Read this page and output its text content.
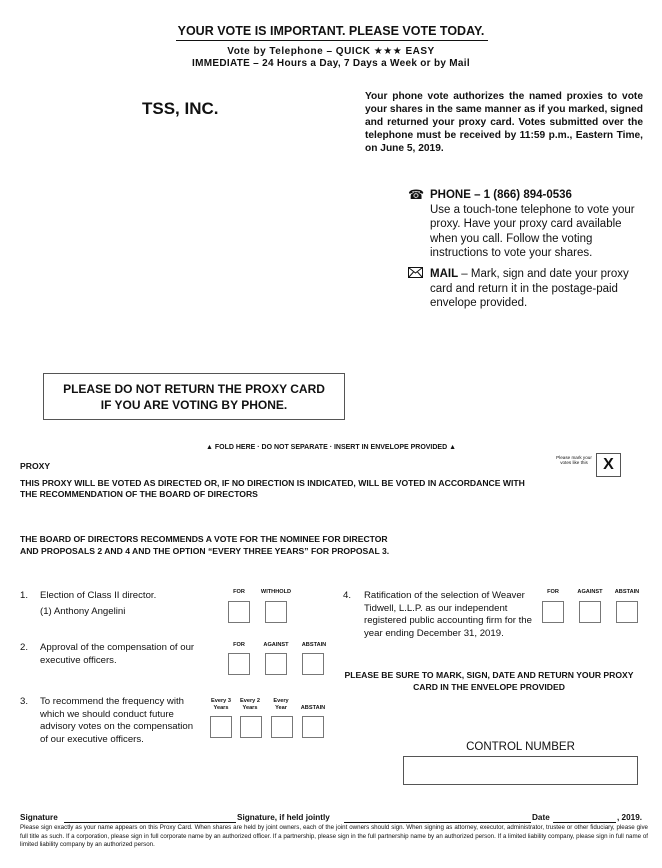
YOUR VOTE IS IMPORTANT. PLEASE VOTE TODAY.
Vote by Telephone – QUICK ★★★ EASY
IMMEDIATE – 24 Hours a Day, 7 Days a Week or by Mail
TSS, INC.
Your phone vote authorizes the named proxies to vote your shares in the same manner as if you marked, signed and returned your proxy card. Votes submitted over the telephone must be received by 11:59 p.m., Eastern Time, on June 5, 2019.
☎ PHONE – 1 (866) 894-0536
Use a touch-tone telephone to vote your proxy. Have your proxy card available when you call. Follow the voting instructions to vote your shares.
MAIL – Mark, sign and date your proxy card and return it in the postage-paid envelope provided.
PLEASE DO NOT RETURN THE PROXY CARD
IF YOU ARE VOTING BY PHONE.
▲ FOLD HERE · DO NOT SEPARATE · INSERT IN ENVELOPE PROVIDED ▲
PROXY
Please mark your votes like this X
THIS PROXY WILL BE VOTED AS DIRECTED OR, IF NO DIRECTION IS INDICATED, WILL BE VOTED IN ACCORDANCE WITH THE RECOMMENDATION OF THE BOARD OF DIRECTORS
THE BOARD OF DIRECTORS RECOMMENDS A VOTE FOR THE NOMINEE FOR DIRECTOR
AND PROPOSALS 2 AND 4 AND THE OPTION “EVERY THREE YEARS” FOR PROPOSAL 3.
1. Election of Class II director.
(1) Anthony Angelini
FOR	WITHHOLD
2. Approval of the compensation of our executive officers.
FOR	AGAINST	ABSTAIN
3. To recommend the frequency with which we should conduct future advisory votes on the compensation of our executive officers.
Every 3 Years
Every 2 Years
Every Year	ABSTAIN
4. Ratification of the selection of Weaver Tidwell, L.L.P. as our independent registered public accounting firm for the year ending December 31, 2019.
FOR	AGAINST	ABSTAIN
PLEASE BE SURE TO MARK, SIGN, DATE AND RETURN YOUR PROXY CARD IN THE ENVELOPE PROVIDED
CONTROL NUMBER
Signature	Signature, if held jointly	Date	, 2019.
Please sign exactly as your name appears on this Proxy Card. When shares are held by joint owners, each of the joint owners should sign. When signing as attorney, executor, administrator, trustee or other fiduciary, please give full title as such. If a corporation, please sign in full corporate name by an authorized officer. If a partnership, please sign in the full partnership name by an authorized person. If a limited liability company, please sign in full name of limited liability company by an authorized person.
